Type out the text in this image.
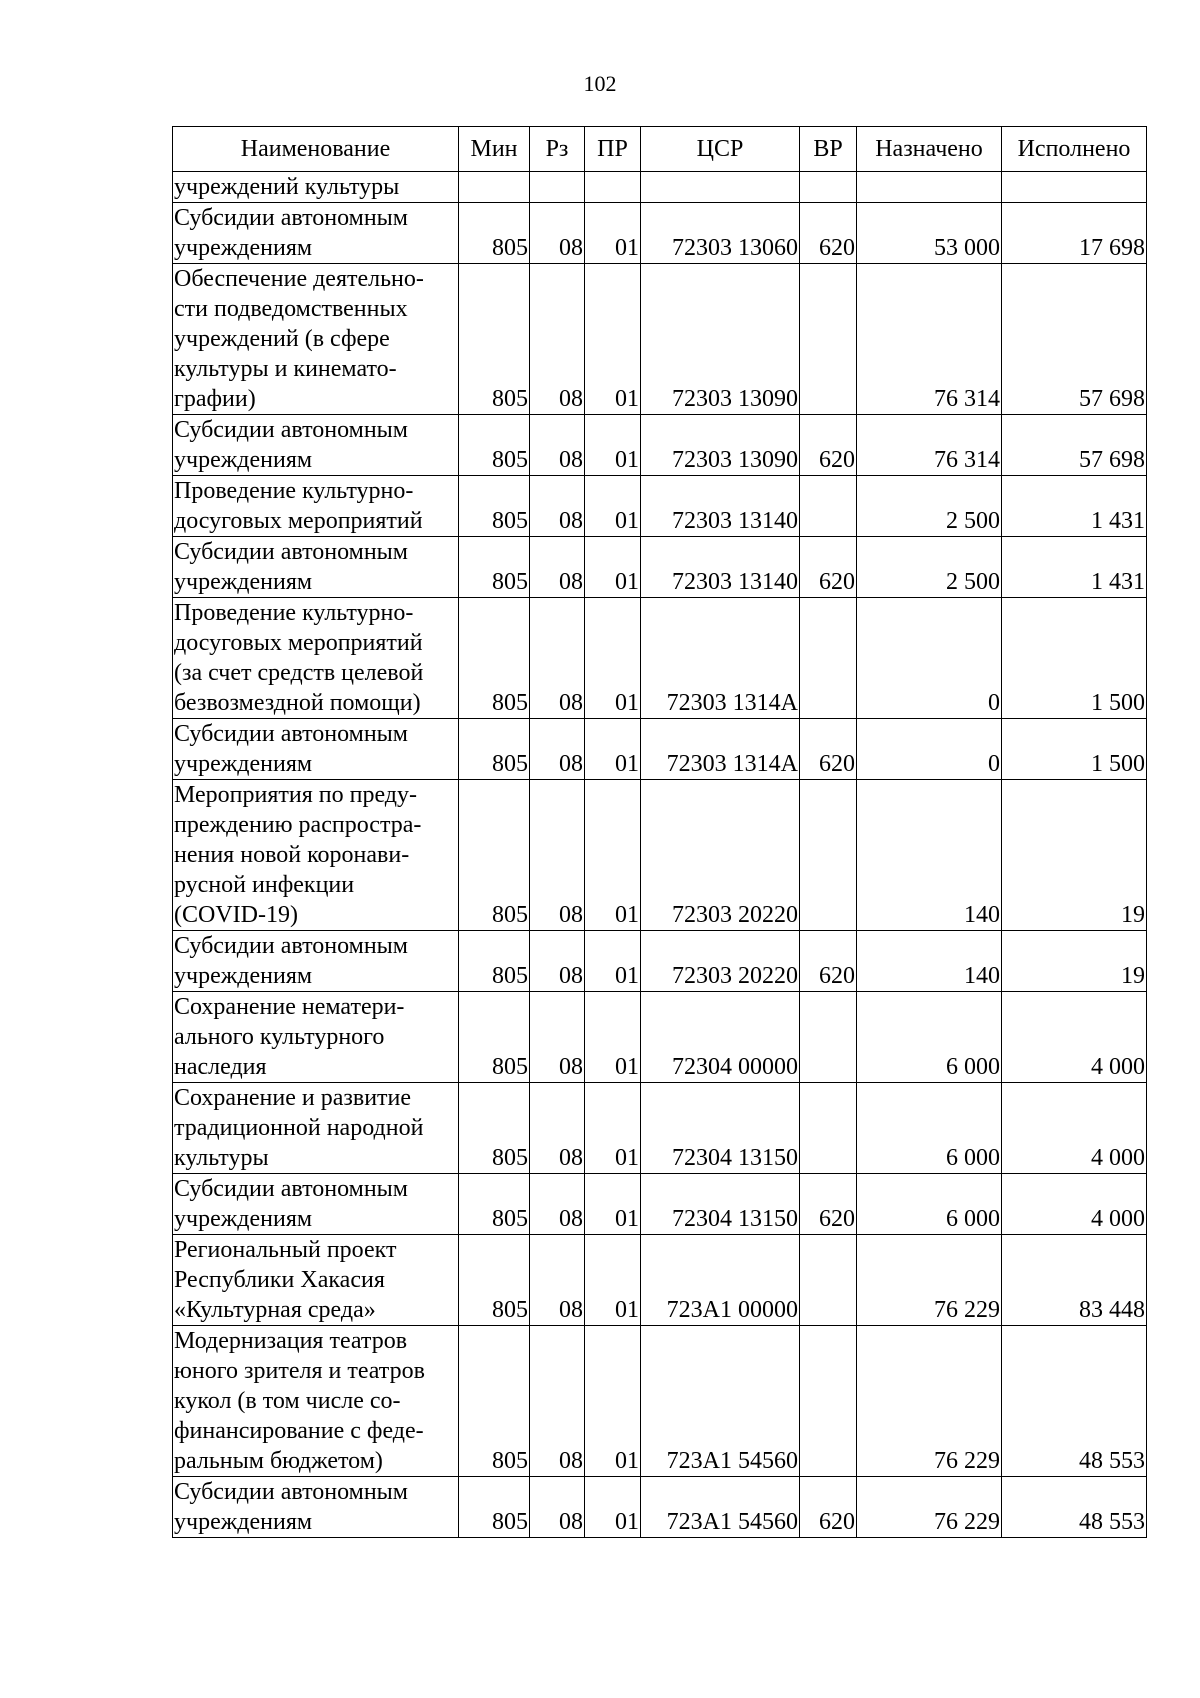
102
Наименование	Мин	Рз	ПР	ЦСР	ВР	Назначено	Исполнено

учреждений культуры							

Субсидии автономным
учреждениям	805	08	01	72303 13060	620	53 000	17 698

Обеспечение деятельно-
сти подведомственных
учреждений (в сфере
культуры и кинемато-
графии)	805	08	01	72303 13090		76 314	57 698

Субсидии автономным
учреждениям	805	08	01	72303 13090	620	76 314	57 698

Проведение культурно-
досуговых мероприятий	805	08	01	72303 13140		2 500	1 431

Субсидии автономным
учреждениям	805	08	01	72303 13140	620	2 500	1 431

Проведение культурно-
досуговых мероприятий
(за счет средств целевой
безвозмездной помощи)	805	08	01	72303 1314А		0	1 500

Субсидии автономным
учреждениям	805	08	01	72303 1314А	620	0	1 500

Мероприятия по преду-
преждению распростра-
нения новой коронави-
русной инфекции
(COVID-19)	805	08	01	72303 20220		140	19

Субсидии автономным
учреждениям	805	08	01	72303 20220	620	140	19

Сохранение нематери-
ального культурного
наследия	805	08	01	72304 00000		6 000	4 000

Сохранение и развитие
традиционной народной
культуры	805	08	01	72304 13150		6 000	4 000

Субсидии автономным
учреждениям	805	08	01	72304 13150	620	6 000	4 000

Региональный проект
Республики Хакасия
«Культурная среда»	805	08	01	723А1 00000		76 229	83 448

Модернизация театров
юного зрителя и театров
кукол (в том числе со-
финансирование с феде-
ральным бюджетом)	805	08	01	723А1 54560		76 229	48 553

Субсидии автономным
учреждениям	805	08	01	723А1 54560	620	76 229	48 553
